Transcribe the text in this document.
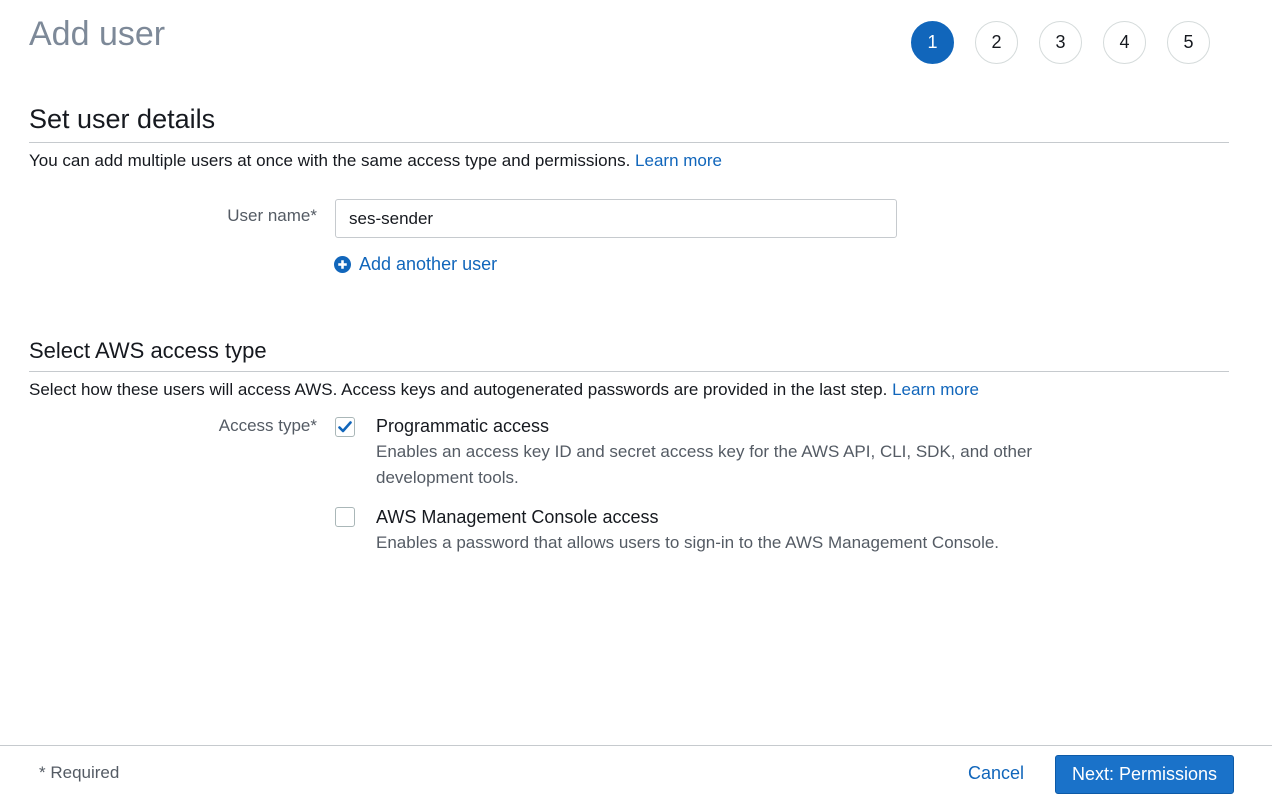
Add user	1	2	3	4	5
Set user details
You can add multiple users at once with the same access type and permissions. Learn more
User name*
ses-sender
Add another user
Select AWS access type
Select how these users will access AWS. Access keys and autogenerated passwords are provided in the last step. Learn more
Access type*	Programmatic access
Enables an access key ID and secret access key for the AWS API, CLI, SDK, and other development tools.
AWS Management Console access
Enables a password that allows users to sign-in to the AWS Management Console.
* Required	Cancel	Next: Permissions
